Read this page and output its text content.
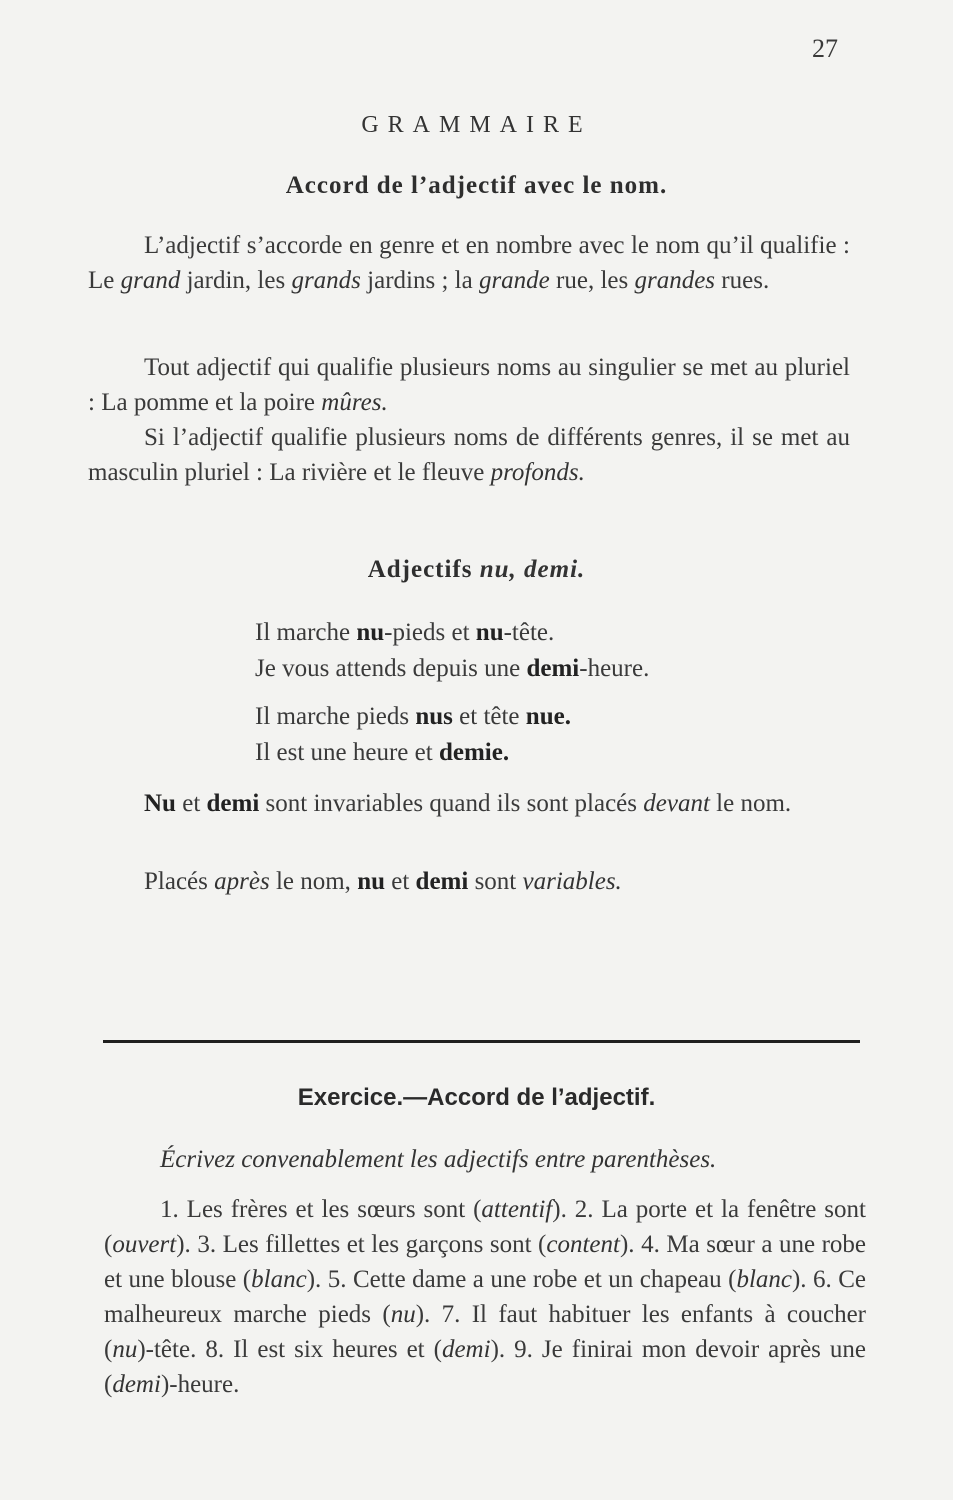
27
GRAMMAIRE
Accord de l’adjectif avec le nom.
L’adjectif s’accorde en genre et en nombre avec le nom qu’il qualifie : Le grand jardin, les grands jardins ; la grande rue, les grandes rues.
Tout adjectif qui qualifie plusieurs noms au singulier se met au pluriel : La pomme et la poire mûres.
Si l’adjectif qualifie plusieurs noms de différents genres, il se met au masculin pluriel : La rivière et le fleuve profonds.
Adjectifs nu, demi.
Il marche nu-pieds et nu-tête.
Je vous attends depuis une demi-heure.
Il marche pieds nus et tête nue.
Il est une heure et demie.
Nu et demi sont invariables quand ils sont placés devant le nom.
Placés après le nom, nu et demi sont variables.
Exercice.—Accord de l’adjectif.
Écrivez convenablement les adjectifs entre parenthèses.
1. Les frères et les sœurs sont (attentif). 2. La porte et la fenêtre sont (ouvert). 3. Les fillettes et les garçons sont (content). 4. Ma sœur a une robe et une blouse (blanc). 5. Cette dame a une robe et un chapeau (blanc). 6. Ce malheureux marche pieds (nu). 7. Il faut habituer les enfants à coucher (nu)-tête. 8. Il est six heures et (demi). 9. Je finirai mon devoir après une (demi)-heure.
